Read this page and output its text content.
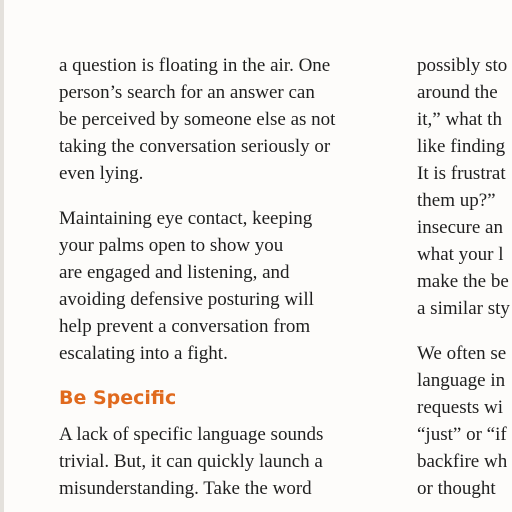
a question is floating in the air. One
person’s search for an answer can
be perceived by someone else as not
taking the conversation seriously or
even lying.

Maintaining eye contact, keeping
your palms open to show you
are engaged and listening, and
avoiding defensive posturing will
help prevent a conversation from
escalating into a fight.

Be Specific

A lack of specific language sounds
trivial. But, it can quickly launch a
misunderstanding. Take the word

possibly sto
around the
it,” what th
like finding
It is frustrat
them up?”
insecure an
what your l
make the be
a similar sty

We often se
language in
requests wi
“just” or “if
backfire wh
or thought
